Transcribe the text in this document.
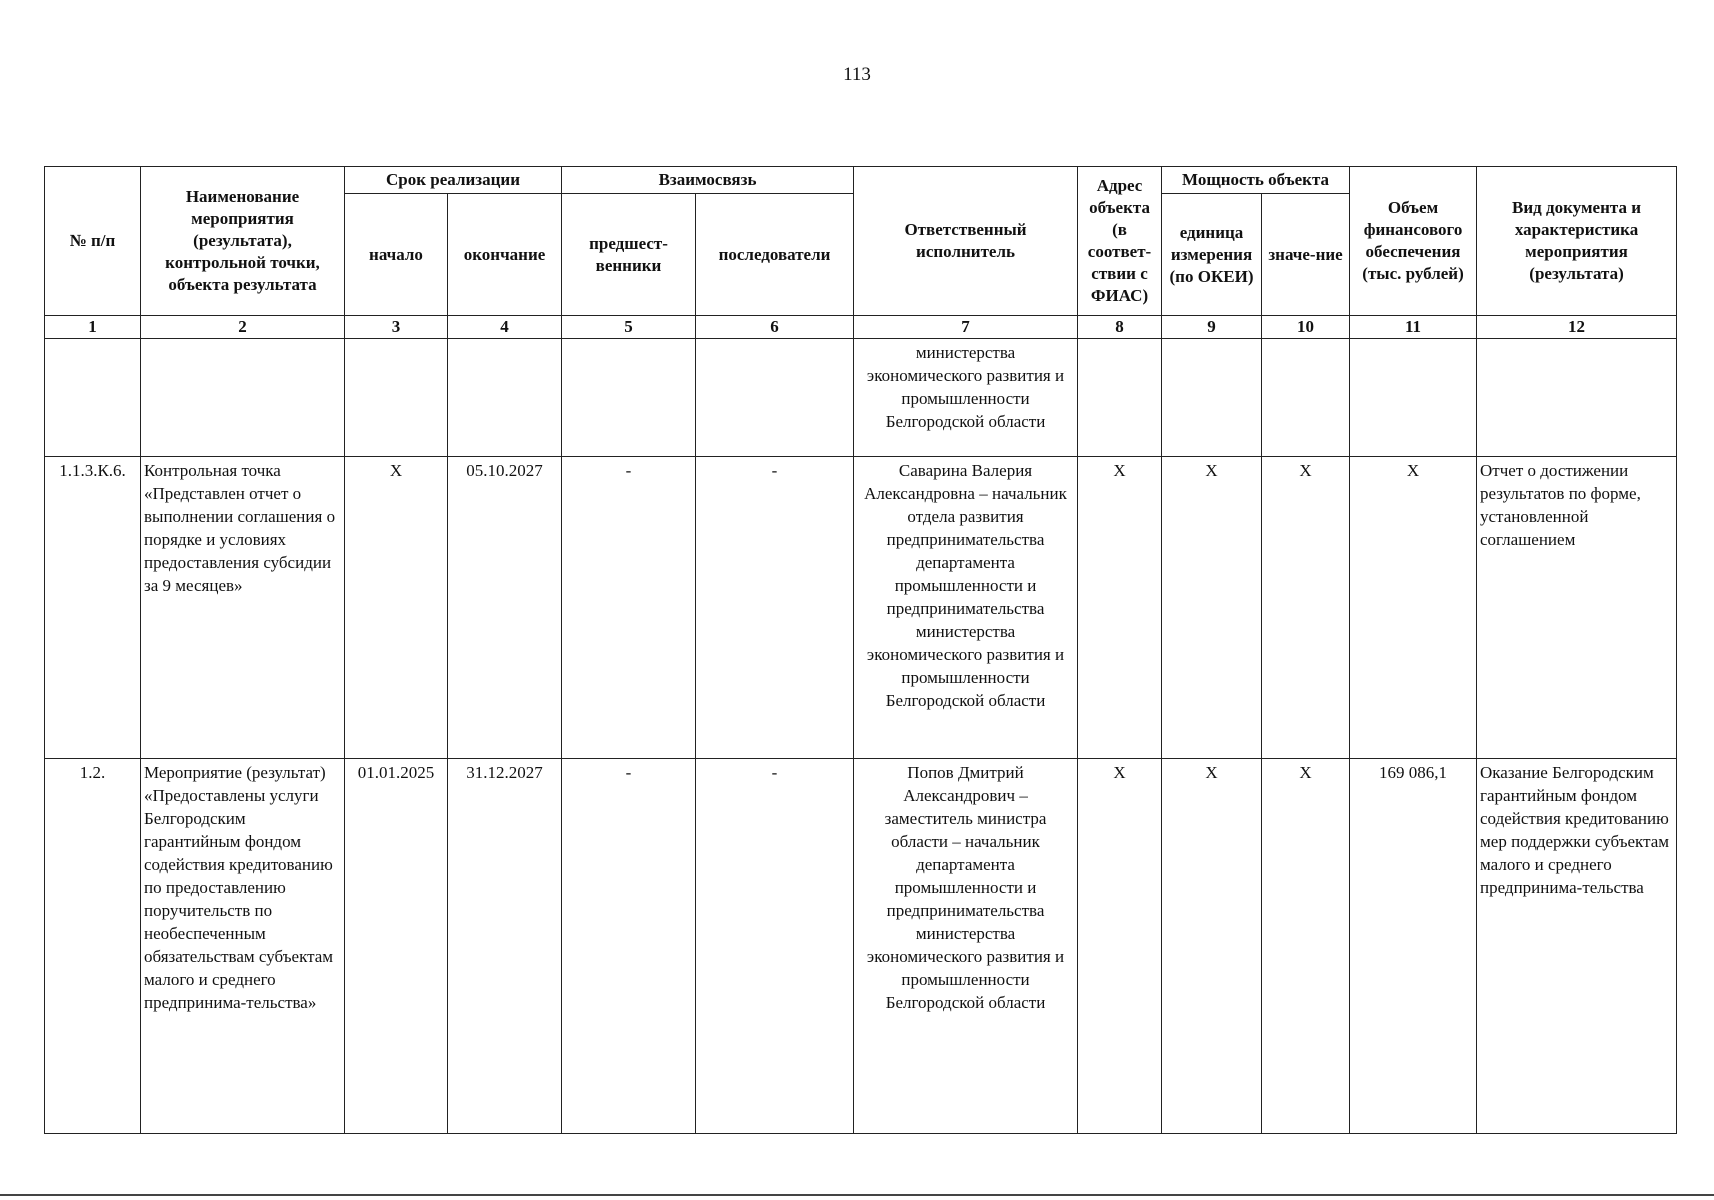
113
№ п/п	Наименование мероприятия (результата), контрольной точки, объекта результата	Срок реализации		Взаимосвязь		Ответственный исполнитель	Адрес объекта (в соответ-ствии с ФИАС)	Мощность объекта		Объем финансового обеспечения (тыс. рублей)	Вид документа и характеристика мероприятия (результата)
		начало	окончание	предшест-венники	последователи			единица измерения (по ОКЕИ)	значе-ние		
1	2	3	4	5	6	7	8	9	10	11	12
						министерства экономического развития и промышленности Белгородской области					
1.1.3.К.6.	Контрольная точка «Представлен отчет о выполнении соглашения о порядке и условиях предоставления субсидии за 9 месяцев»	X	05.10.2027	-	-	Саварина Валерия Александровна – начальник отдела развития предпринимательства департамента промышленности и предпринимательства министерства экономического развития и промышленности Белгородской области	X	X	X	X	Отчет о достижении результатов по форме, установленной соглашением
1.2.	Мероприятие (результат) «Предоставлены услуги Белгородским гарантийным фондом содействия кредитованию по предоставлению поручительств по необеспеченным обязательствам субъектам малого и среднего предпринима-тельства»	01.01.2025	31.12.2027	-	-	Попов Дмитрий Александрович – заместитель министра области – начальник департамента промышленности и предпринимательства министерства экономического развития и промышленности Белгородской области	X	X	X	169 086,1	Оказание Белгородским гарантийным фондом содействия кредитованию мер поддержки субъектам малого и среднего предпринима-тельства
